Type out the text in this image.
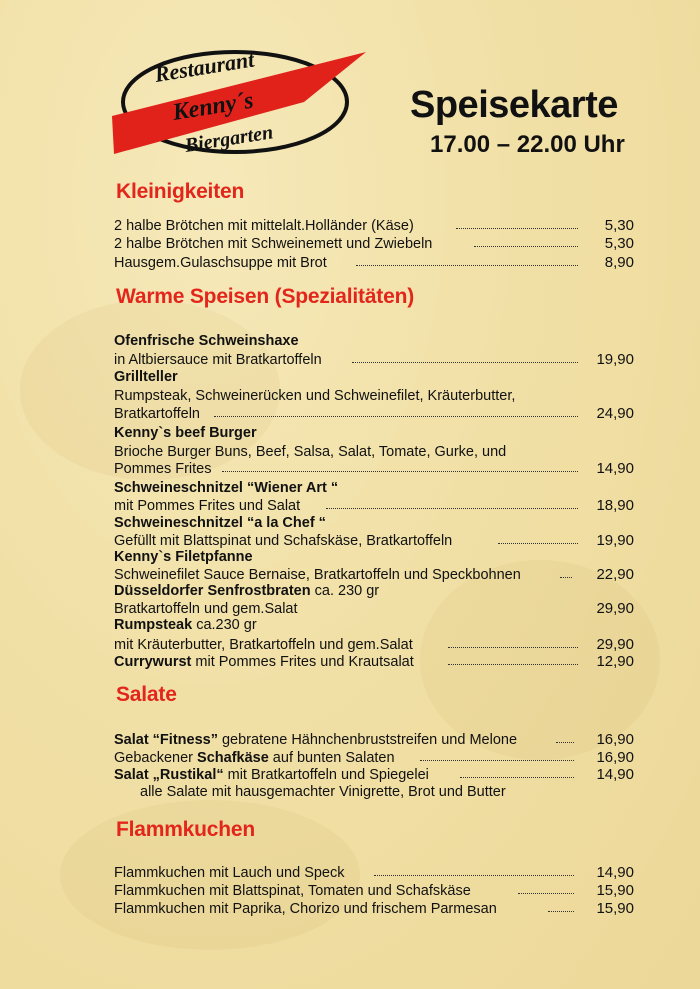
Restaurant
Kenny´s
Biergarten
Speisekarte
17.00 – 22.00 Uhr
Kleinigkeiten
2 halbe Brötchen mit mittelalt.Holländer (Käse)	5,30
2 halbe Brötchen mit Schweinemett und Zwiebeln	5,30
Hausgem.Gulaschsuppe mit Brot	8,90
Warme Speisen (Spezialitäten)
Ofenfrische Schweinshaxe
in Altbiersauce mit Bratkartoffeln	19,90
Grillteller
Rumpsteak, Schweinerücken und Schweinefilet, Kräuterbutter,
Bratkartoffeln	24,90
Kenny`s beef Burger
Brioche Burger Buns, Beef, Salsa, Salat, Tomate, Gurke, und
Pommes Frites	14,90
Schweineschnitzel “Wiener Art “
mit Pommes Frites und Salat	18,90
Schweineschnitzel “a la Chef “
Gefüllt mit Blattspinat und Schafskäse, Bratkartoffeln	19,90
Kenny`s Filetpfanne
Schweinefilet Sauce Bernaise, Bratkartoffeln und Speckbohnen	22,90
Düsseldorfer Senfrostbraten ca. 230 gr
Bratkartoffeln und gem.Salat	29,90
Rumpsteak ca.230 gr
mit Kräuterbutter, Bratkartoffeln und gem.Salat	29,90
Currywurst mit Pommes Frites und Krautsalat	12,90
Salate
Salat “Fitness” gebratene Hähnchenbruststreifen und Melone	16,90
Gebackener Schafkäse auf bunten Salaten	16,90
Salat „Rustikal“ mit Bratkartoffeln und Spiegelei	14,90
alle Salate mit hausgemachter Vinigrette, Brot und Butter
Flammkuchen
Flammkuchen mit Lauch und Speck	14,90
Flammkuchen mit Blattspinat, Tomaten und Schafskäse	15,90
Flammkuchen mit Paprika, Chorizo und frischem Parmesan	15,90
